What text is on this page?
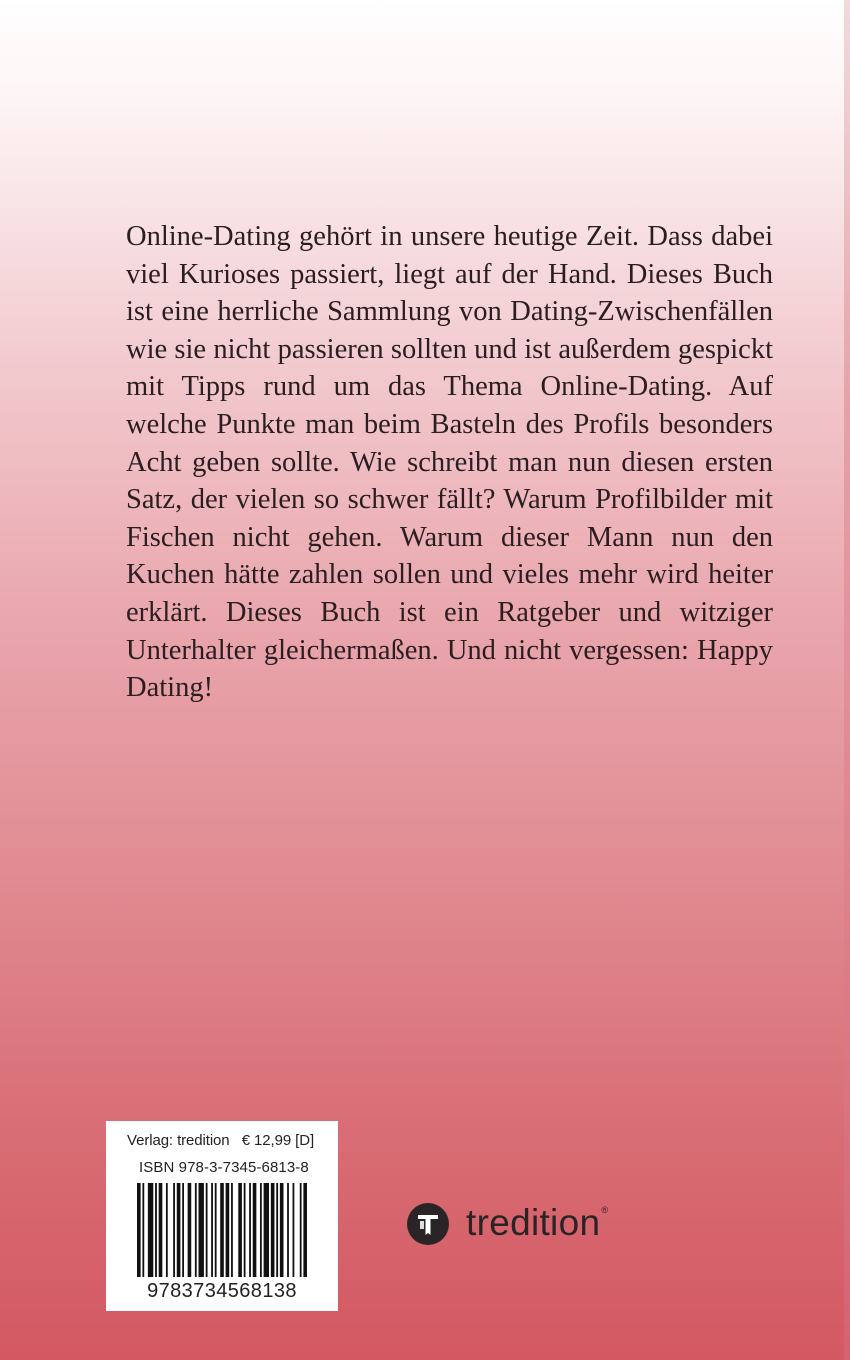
Online-Dating gehört in unsere heutige Zeit. Dass dabei viel Kurioses passiert, liegt auf der Hand. Dieses Buch ist eine herrliche Sammlung von Dating-Zwischenfällen wie sie nicht passieren sollten und ist außerdem gespickt mit Tipps rund um das Thema Online-Dating. Auf welche Punkte man beim Basteln des Profils besonders Acht geben sollte. Wie schreibt man nun diesen ersten Satz, der vielen so schwer fällt? Warum Profilbilder mit Fischen nicht gehen. Warum dieser Mann nun den Kuchen hätte zahlen sollen und vieles mehr wird heiter erklärt. Dieses Buch ist ein Ratgeber und witziger Unterhalter gleichermaßen. Und nicht vergessen: Happy Dating!

Verlag: tredition   € 12,99 [D]
ISBN 978-3-7345-6813-8
9783734568138
tredition ®
